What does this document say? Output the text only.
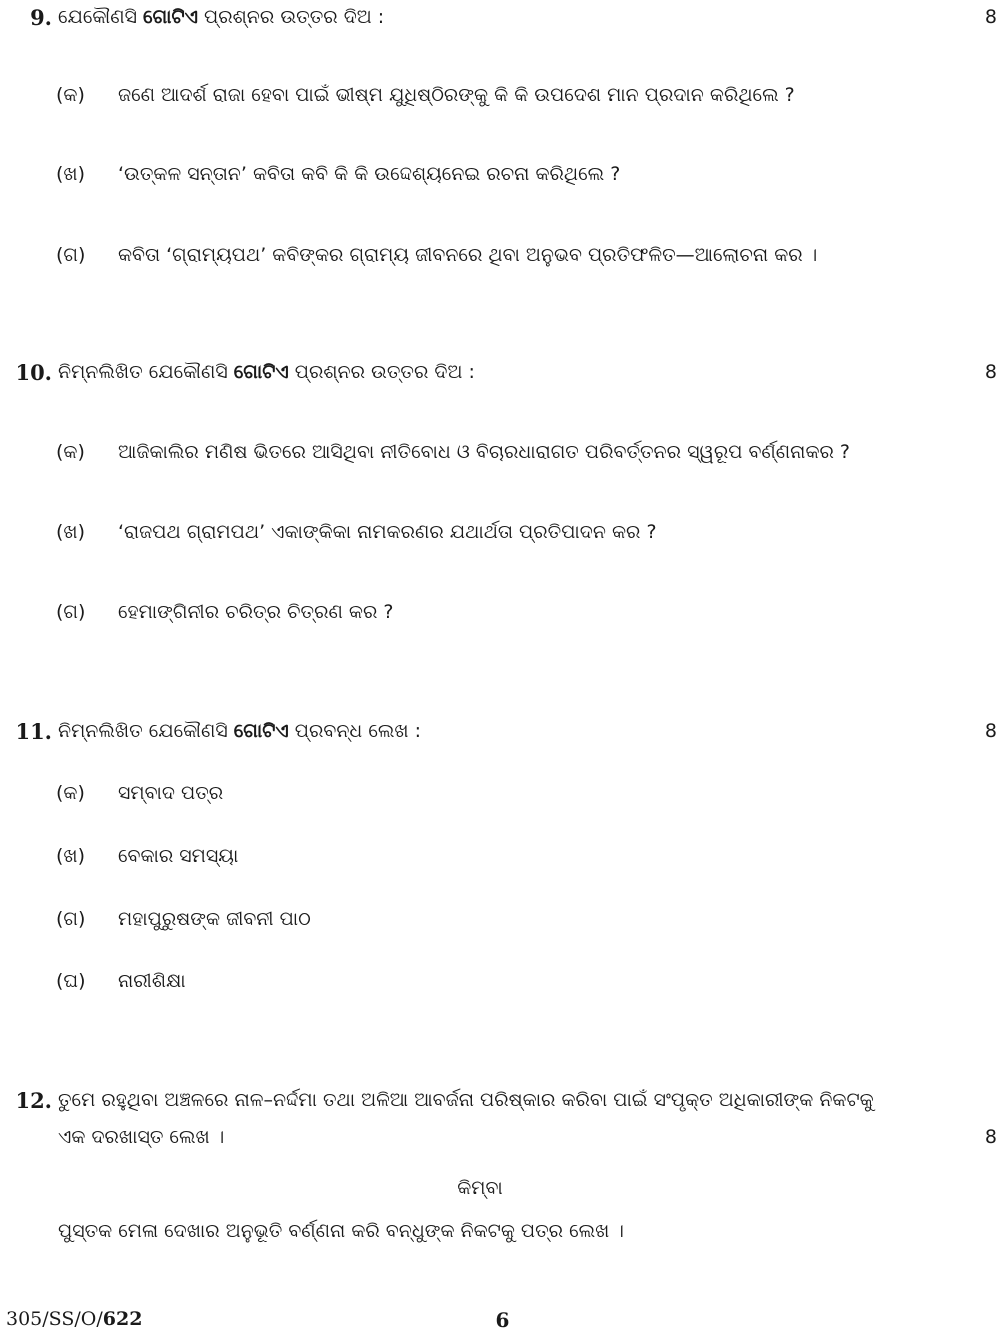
9. ଯେକୌଣସି ଗୋଟିଏ ପ୍ରଶ୍ନର ଉତ୍ତର ଦିଅ :	8
(କ) ଜଣେ ଆଦର୍ଶ ରାଜା ହେବା ପାଇଁ ଭୀଷ୍ମ ଯୁଧିଷ୍ଠିରଙ୍କୁ କି କି ଉପଦେଶ ମାନ ପ୍ରଦାନ କରିଥିଲେ ?
(ଖ) ‘ଉତ୍କଳ ସନ୍ତାନ’ କବିତା କବି କି କି ଉଦ୍ଦେଶ୍ୟନେଇ ରଚନା କରିଥିଲେ ?
(ଗ) କବିତା ‘ଗ୍ରାମ୍ୟପଥ’ କବିଙ୍କର ଗ୍ରାମ୍ୟ ଜୀବନରେ ଥିବା ଅନୁଭବ ପ୍ରତିଫଳିତ—ଆଲୋଚନା କର ।
10. ନିମ୍ନଲିଖିତ ଯେକୌଣସି ଗୋଟିଏ ପ୍ରଶ୍ନର ଉତ୍ତର ଦିଅ :	8
(କ) ଆଜିକାଲିର ମଣିଷ ଭିତରେ ଆସିଥିବା ନୀତିବୋଧ ଓ ବିଚାରଧାରାଗତ ପରିବର୍ତ୍ତନର ସ୍ୱରୂପ ବର୍ଣ୍ଣନାକର ?
(ଖ) ‘ରାଜପଥ ଗ୍ରାମପଥ’ ଏକାଙ୍କିକା ନାମକରଣର ଯଥାର୍ଥତା ପ୍ରତିପାଦନ କର ?
(ଗ) ହେମାଙ୍ଗିନୀର ଚରିତ୍ର ଚିତ୍ରଣ କର ?
11. ନିମ୍ନଲିଖିତ ଯେକୌଣସି ଗୋଟିଏ ପ୍ରବନ୍ଧ ଲେଖ :	8
(କ) ସମ୍ବାଦ ପତ୍ର
(ଖ) ବେକାର ସମସ୍ୟା
(ଗ) ମହାପୁରୁଷଙ୍କ ଜୀବନୀ ପାଠ
(ଘ) ନାରୀଶିକ୍ଷା
12. ତୁମେ ରହୁଥିବା ଅଞ୍ଚଳରେ ନାଳ–ନର୍ଦ୍ଦମା ତଥା ଅଳିଆ ଆବର୍ଜନା ପରିଷ୍କାର କରିବା ପାଇଁ ସଂପୃକ୍ତ ଅଧିକାରୀଙ୍କ ନିକଟକୁ
ଏକ ଦରଖାସ୍ତ ଲେଖ ।	8
କିମ୍ବା
ପୁସ୍ତକ ମେଳା ଦେଖାର ଅନୁଭୂତି ବର୍ଣ୍ଣନା କରି ବନ୍ଧୁଙ୍କ ନିକଟକୁ ପତ୍ର ଲେଖ ।
305/SS/O/622	6
